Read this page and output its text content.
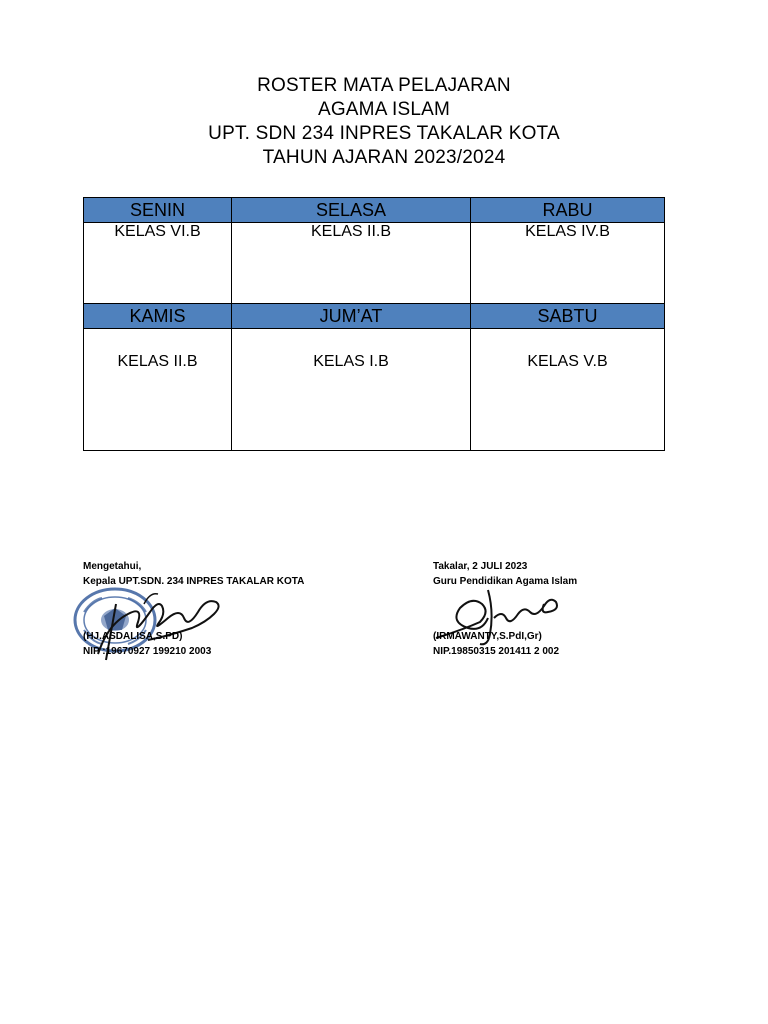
ROSTER MATA PELAJARAN
AGAMA ISLAM
UPT. SDN 234 INPRES TAKALAR KOTA
TAHUN AJARAN 2023/2024
SENIN	SELASA	RABU
KELAS VI.B	KELAS II.B	KELAS IV.B
KAMIS	JUM’AT	SABTU
KELAS II.B	KELAS I.B	KELAS V.B
Mengetahui,
Kepala UPT.SDN. 234 INPRES TAKALAR KOTA
(HJ.ASDALISA,S.PD)
NIP :19670927 199210 2003
Takalar, 2 JULI 2023
Guru Pendidikan Agama Islam
(IRMAWANTY,S.PdI,Gr)
NIP.19850315 201411 2 002
